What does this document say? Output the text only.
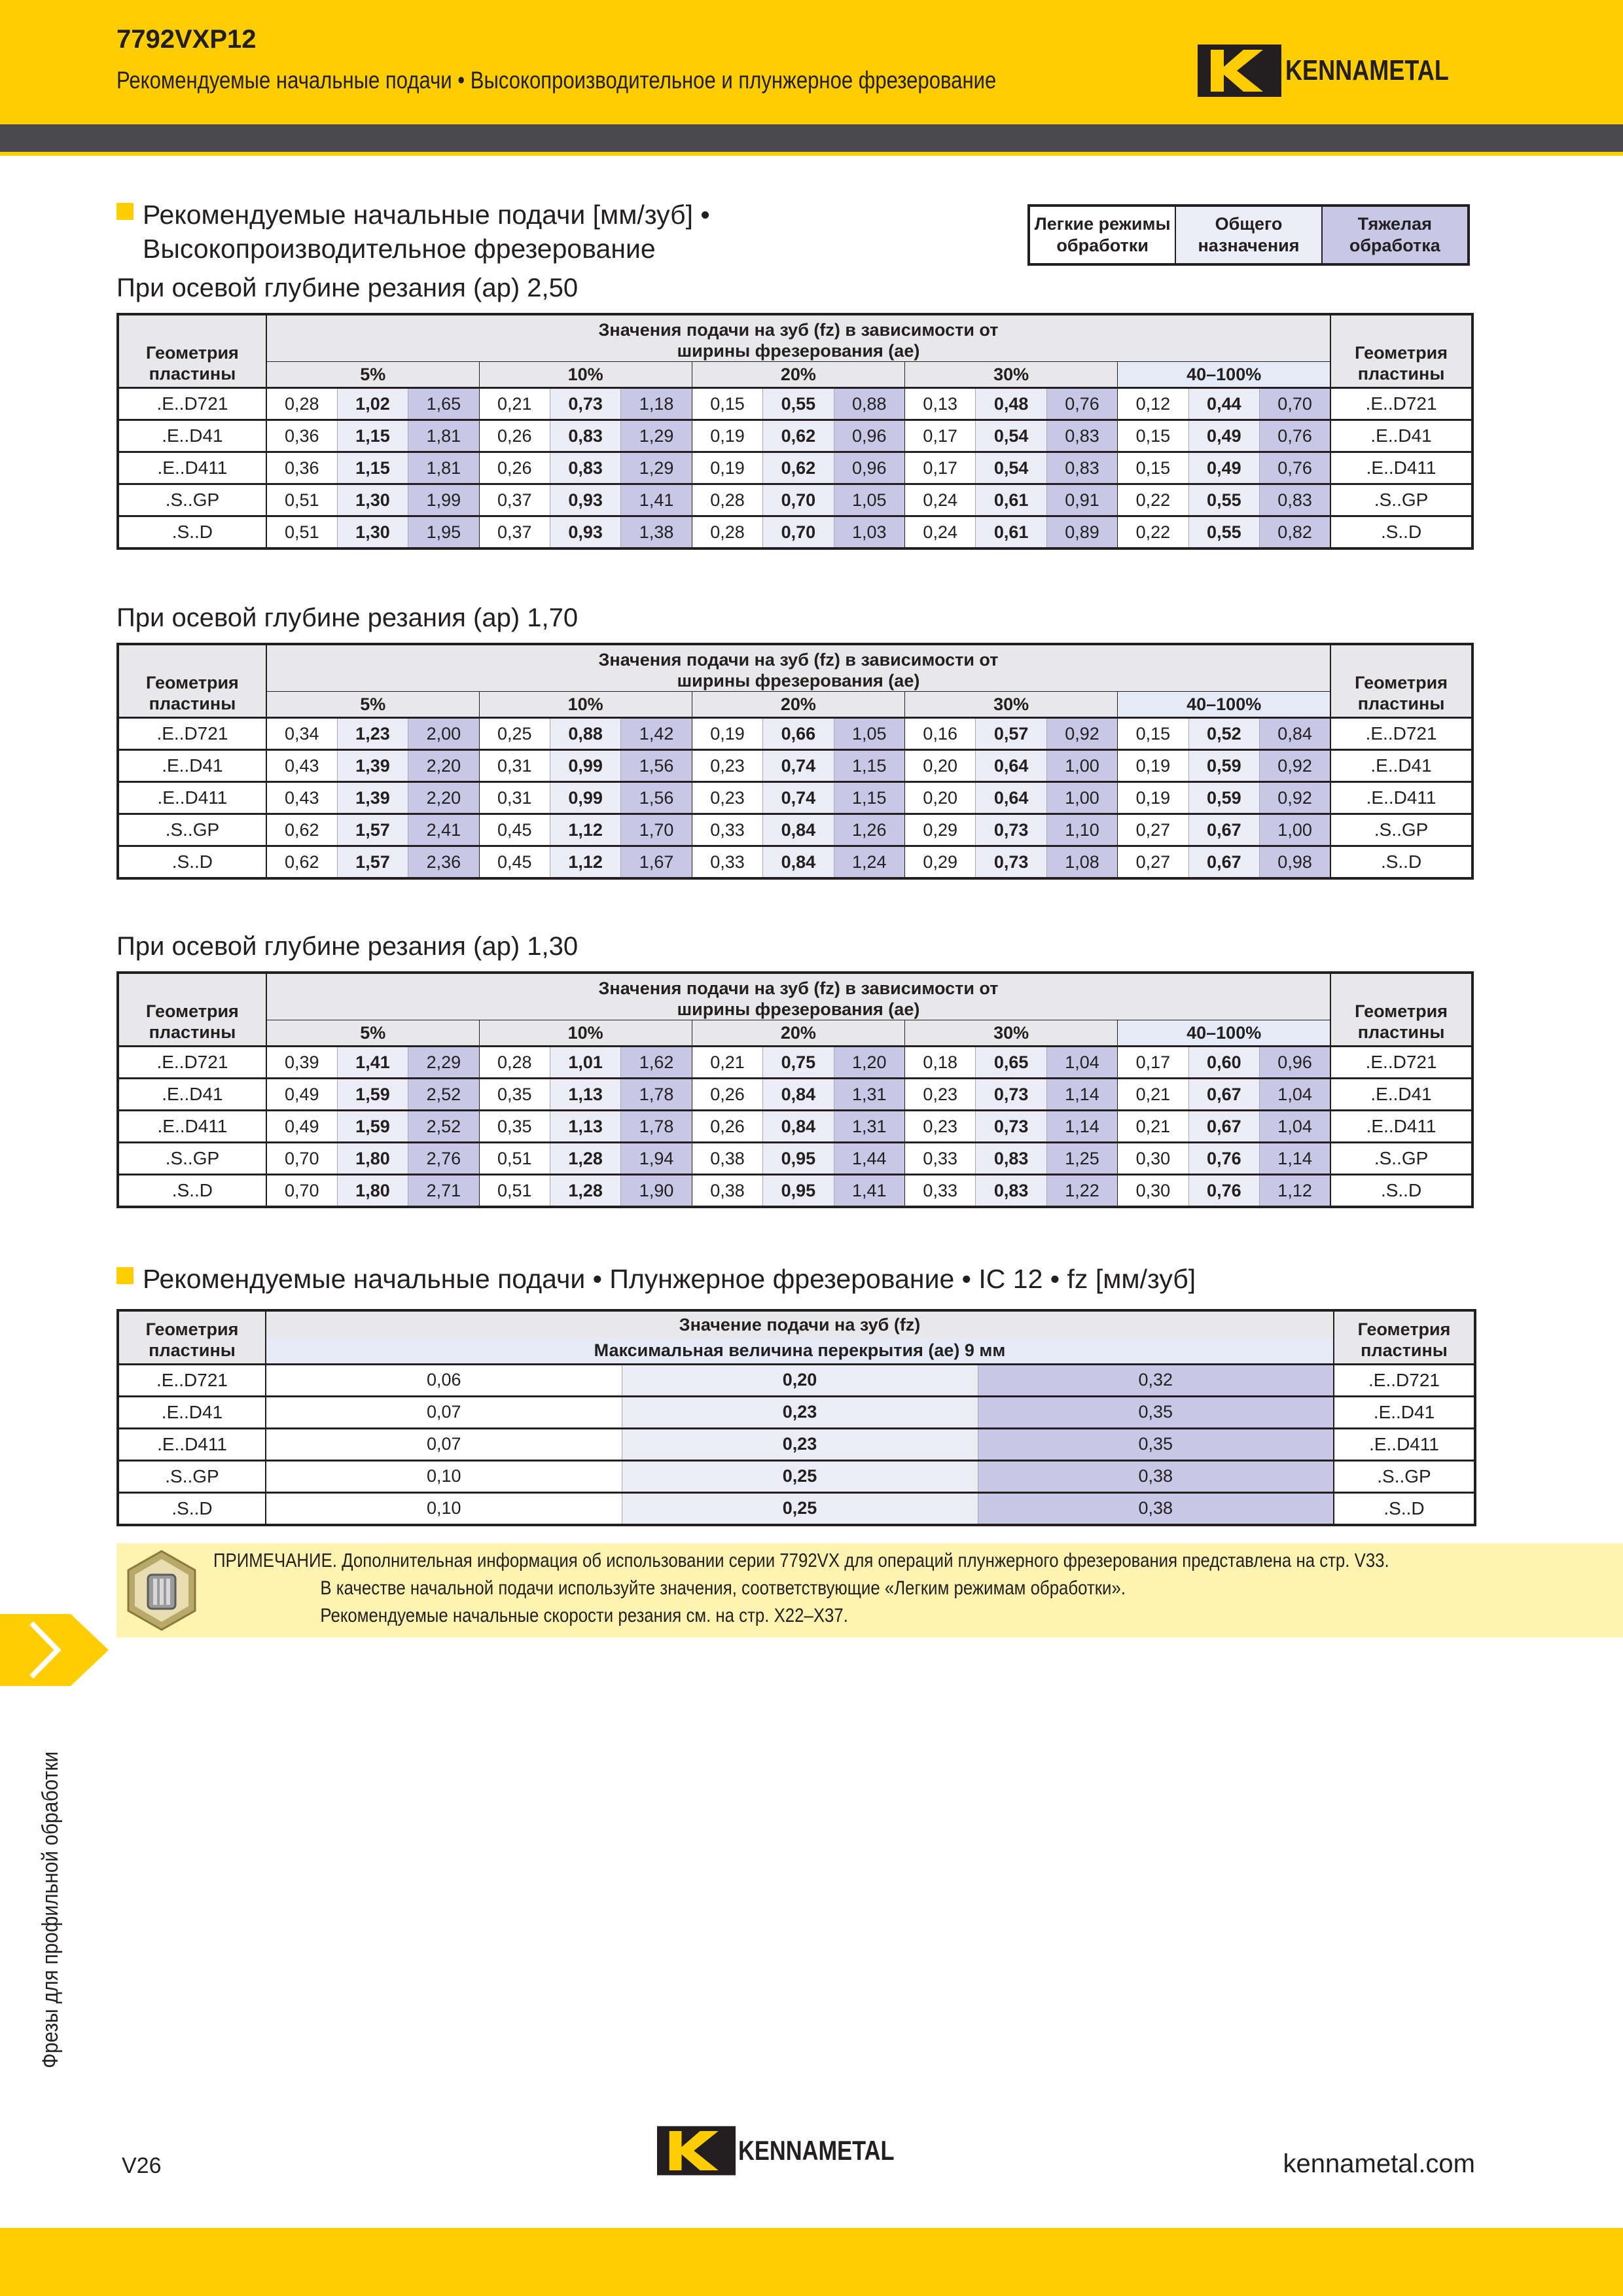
7792VXP12
Рекомендуемые начальные подачи • Высокопроизводительное и плунжерное фрезерование	KENNAMETAL
Рекомендуемые начальные подачи [мм/зуб] •
Высокопроизводительное фрезерование
Легкие режимы обработки
Общего назначения
Тяжелая обработка
При осевой глубине резания (ap) 2,50
Геометрия пластины	Значения подачи на зуб (fz) в зависимости от ширины фрезерования (ae)															Геометрия пластины
	5%			10%			20%			30%			40–100%			
.E..D721	0,28	1,02	1,65	0,21	0,73	1,18	0,15	0,55	0,88	0,13	0,48	0,76	0,12	0,44	0,70	.E..D721
.E..D41	0,36	1,15	1,81	0,26	0,83	1,29	0,19	0,62	0,96	0,17	0,54	0,83	0,15	0,49	0,76	.E..D41
.E..D411	0,36	1,15	1,81	0,26	0,83	1,29	0,19	0,62	0,96	0,17	0,54	0,83	0,15	0,49	0,76	.E..D411
.S..GP	0,51	1,30	1,99	0,37	0,93	1,41	0,28	0,70	1,05	0,24	0,61	0,91	0,22	0,55	0,83	.S..GP
.S..D	0,51	1,30	1,95	0,37	0,93	1,38	0,28	0,70	1,03	0,24	0,61	0,89	0,22	0,55	0,82	.S..D
При осевой глубине резания (ap) 1,70
Геометрия пластины	Значения подачи на зуб (fz) в зависимости от ширины фрезерования (ae)															Геометрия пластины
	5%			10%			20%			30%			40–100%			
.E..D721	0,34	1,23	2,00	0,25	0,88	1,42	0,19	0,66	1,05	0,16	0,57	0,92	0,15	0,52	0,84	.E..D721
.E..D41	0,43	1,39	2,20	0,31	0,99	1,56	0,23	0,74	1,15	0,20	0,64	1,00	0,19	0,59	0,92	.E..D41
.E..D411	0,43	1,39	2,20	0,31	0,99	1,56	0,23	0,74	1,15	0,20	0,64	1,00	0,19	0,59	0,92	.E..D411
.S..GP	0,62	1,57	2,41	0,45	1,12	1,70	0,33	0,84	1,26	0,29	0,73	1,10	0,27	0,67	1,00	.S..GP
.S..D	0,62	1,57	2,36	0,45	1,12	1,67	0,33	0,84	1,24	0,29	0,73	1,08	0,27	0,67	0,98	.S..D
При осевой глубине резания (ap) 1,30
Геометрия пластины	Значения подачи на зуб (fz) в зависимости от ширины фрезерования (ae)															Геометрия пластины
	5%			10%			20%			30%			40–100%			
.E..D721	0,39	1,41	2,29	0,28	1,01	1,62	0,21	0,75	1,20	0,18	0,65	1,04	0,17	0,60	0,96	.E..D721
.E..D41	0,49	1,59	2,52	0,35	1,13	1,78	0,26	0,84	1,31	0,23	0,73	1,14	0,21	0,67	1,04	.E..D41
.E..D411	0,49	1,59	2,52	0,35	1,13	1,78	0,26	0,84	1,31	0,23	0,73	1,14	0,21	0,67	1,04	.E..D411
.S..GP	0,70	1,80	2,76	0,51	1,28	1,94	0,38	0,95	1,44	0,33	0,83	1,25	0,30	0,76	1,14	.S..GP
.S..D	0,70	1,80	2,71	0,51	1,28	1,90	0,38	0,95	1,41	0,33	0,83	1,22	0,30	0,76	1,12	.S..D
Рекомендуемые начальные подачи • Плунжерное фрезерование • IC 12 • fz [мм/зуб]
Геометрия пластины	Значение подачи на зуб (fz)			Геометрия пластины
	Максимальная величина перекрытия (ae) 9 мм			
.E..D721	0,06	0,20	0,32	.E..D721
.E..D41	0,07	0,23	0,35	.E..D41
.E..D411	0,07	0,23	0,35	.E..D411
.S..GP	0,10	0,25	0,38	.S..GP
.S..D	0,10	0,25	0,38	.S..D
ПРИМЕЧАНИЕ. Дополнительная информация об использовании серии 7792VX для операций плунжерного фрезерования представлена на стр. V33.
В качестве начальной подачи используйте значения, соответствующие «Легким режимам обработки».
Рекомендуемые начальные скорости резания см. на стр. X22–X37.
Фрезы для профильной обработки
V26	KENNAMETAL	kennametal.com
